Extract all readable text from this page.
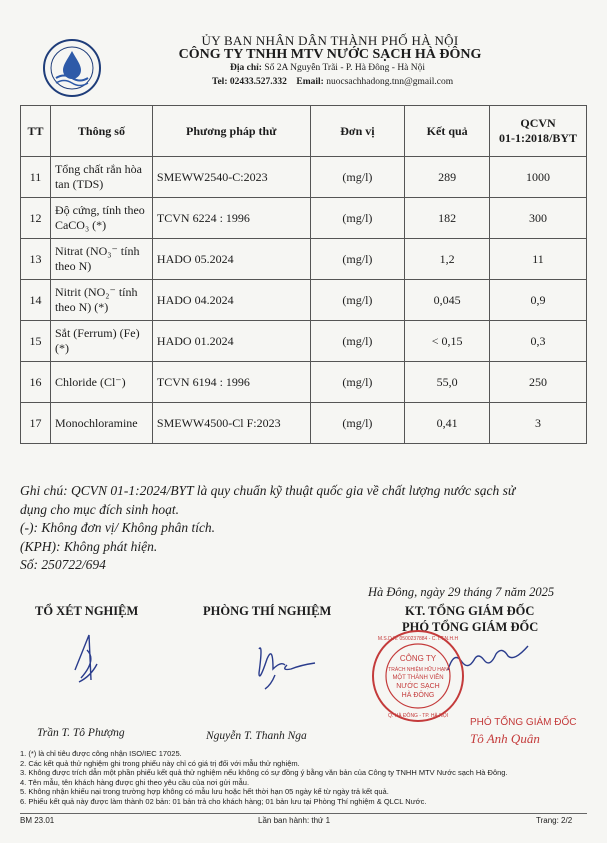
ỦY BAN NHÂN DÂN THÀNH PHỐ HÀ NỘI
CÔNG TY TNHH MTV NƯỚC SẠCH HÀ ĐÔNG
Địa chỉ: Số 2A Nguyễn Trãi - P. Hà Đông - Hà Nội
Tel: 02433.527.332 Email: nuocsachhadong.tnn@gmail.com
TT	Thông số	Phương pháp thử	Đơn vị	Kết quả	QCVN
01-1:2018/BYT

11	Tổng chất rắn hòa tan (TDS)	SMEWW2540-C:2023	(mg/l)	289	1000
12	Độ cứng, tính theo CaCO₃ (*)	TCVN 6224 : 1996	(mg/l)	182	300
13	Nitrat (NO₃⁻ tính theo N)	HADO 05.2024	(mg/l)	1,2	11
14	Nitrit (NO₂⁻ tính theo N) (*)	HADO 04.2024	(mg/l)	0,045	0,9
15	Sắt (Ferrum) (Fe) (*)	HADO 01.2024	(mg/l)	< 0,15	0,3
16	Chloride (Cl⁻)	TCVN 6194 : 1996	(mg/l)	55,0	250
17	Monochloramine	SMEWW4500-Cl F:2023	(mg/l)	0,41	3
Ghi chú: QCVN 01-1:2024/BYT là quy chuẩn kỹ thuật quốc gia về chất lượng nước sạch sử
dụng cho mục đích sinh hoạt.
(-): Không đơn vị/ Không phân tích.
(KPH): Không phát hiện.
Số: 250722/694
Hà Đông, ngày 29 tháng 7 năm 2025
TỔ XÉT NGHIỆM	PHÒNG THÍ NGHIỆM	KT. TỔNG GIÁM ĐỐC
PHÓ TỔNG GIÁM ĐỐC
Trần T. Tô Phượng	Nguyễn T. Thanh Nga
PHÓ TỔNG GIÁM ĐỐC
Tô Anh Quân
CÔNG TY
TRÁCH NHIỆM HỮU HẠN
MỘT THÀNH VIÊN
NƯỚC SẠCH
HÀ ĐÔNG
M.S.D.N: 0500237884 - C.T.T.N.H.H
Q. HÀ ĐÔNG - TP. HÀ NỘI
1. (*) là chỉ tiêu được công nhận ISO/IEC 17025.
2. Các kết quả thử nghiệm ghi trong phiếu này chỉ có giá trị đối với mẫu thử nghiệm.
3. Không được trích dẫn một phần phiếu kết quả thử nghiệm nếu không có sự đồng ý bằng văn bản của Công ty TNHH MTV Nước sạch Hà Đông.
4. Tên mẫu, tên khách hàng được ghi theo yêu cầu của nơi gửi mẫu.
5. Không nhận khiếu nại trong trường hợp không có mẫu lưu hoặc hết thời hạn 05 ngày kể từ ngày trả kết quả.
6. Phiếu kết quả này được làm thành 02 bản: 01 bản trả cho khách hàng; 01 bản lưu tại Phòng Thí nghiệm & QLCL Nước.
BM 23.01	Lần ban hành: thứ 1	Trang: 2/2
